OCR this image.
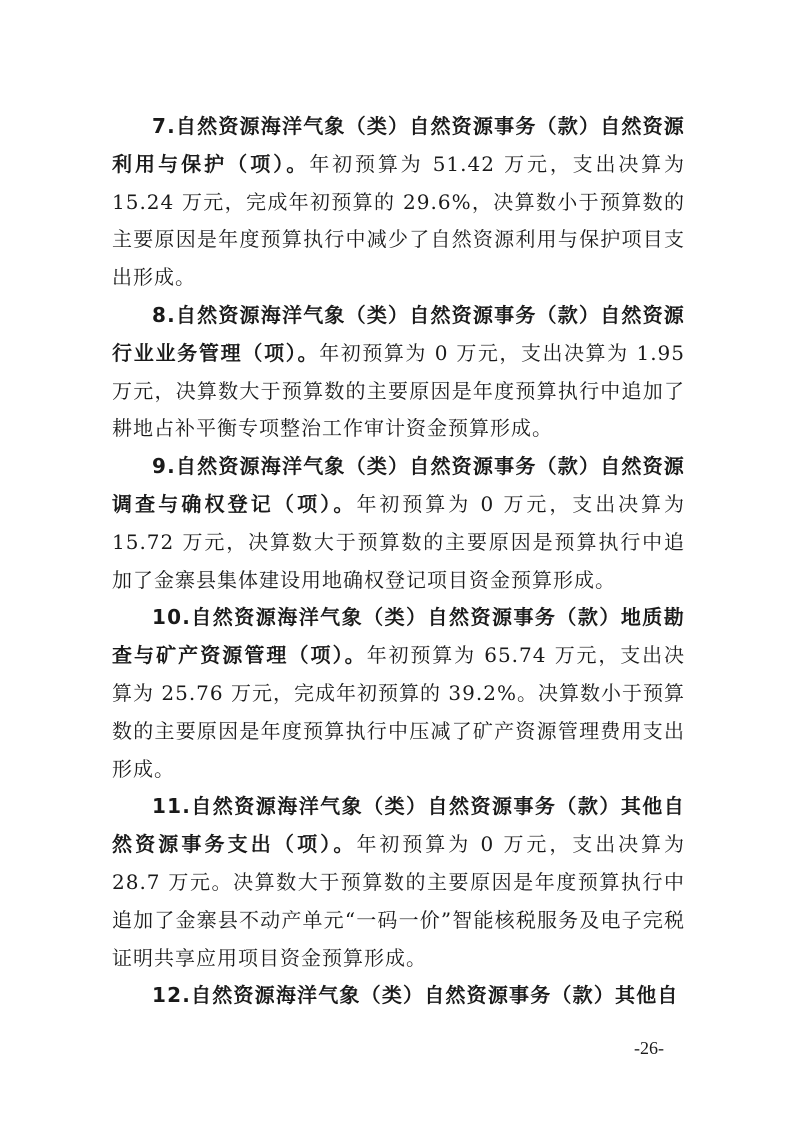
7.自然资源海洋气象（类）自然资源事务（款）自然资源利用与保护（项）。年初预算为 51.42 万元，支出决算为 15.24 万元，完成年初预算的 29.6%，决算数小于预算数的主要原因是年度预算执行中减少了自然资源利用与保护项目支出形成。

8.自然资源海洋气象（类）自然资源事务（款）自然资源行业业务管理（项）。年初预算为 0 万元，支出决算为 1.95 万元，决算数大于预算数的主要原因是年度预算执行中追加了耕地占补平衡专项整治工作审计资金预算形成。

9.自然资源海洋气象（类）自然资源事务（款）自然资源调查与确权登记（项）。年初预算为 0 万元，支出决算为 15.72 万元，决算数大于预算数的主要原因是预算执行中追加了金寨县集体建设用地确权登记项目资金预算形成。

10.自然资源海洋气象（类）自然资源事务（款）地质勘查与矿产资源管理（项）。年初预算为 65.74 万元，支出决算为 25.76 万元，完成年初预算的 39.2%。决算数小于预算数的主要原因是年度预算执行中压减了矿产资源管理费用支出形成。

11.自然资源海洋气象（类）自然资源事务（款）其他自然资源事务支出（项）。年初预算为 0 万元，支出决算为 28.7 万元。决算数大于预算数的主要原因是年度预算执行中追加了金寨县不动产单元“一码一价”智能核税服务及电子完税证明共享应用项目资金预算形成。

12.自然资源海洋气象（类）自然资源事务（款）其他自

-26-
